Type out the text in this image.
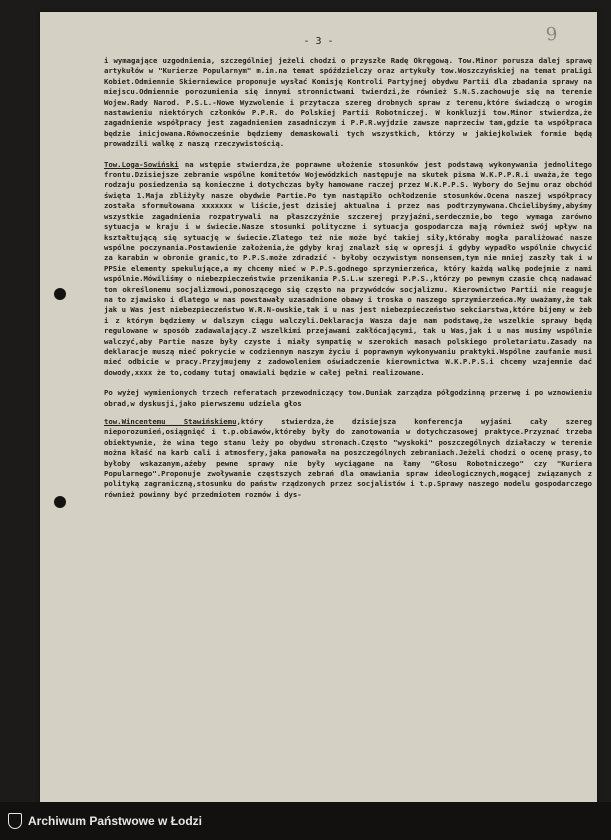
- 3 -	9

i wymagające uzgodnienia, szczególniej jeżeli chodzi o przyszłe Radę Okręgową. Tow.Minor porusza dalej sprawę artykułów w "Kurierze Popularnym" m.in.na temat spóździelczy oraz artykuły tow.Woszczyńskiej na temat praLigi Kobiet.Odmiennie Skierniewice proponuje wysłać Komisję Kontroli Partyjnej obydwu Partii dla zbadania sprawy na miejscu.Odmiennie porozumienia się innymi stronnictwami twierdzi,że również S.N.S.zachowuje się na terenie Wojew.Rady Narod. P.S.L.-Nowe Wyzwolenie i przytacza szereg drobnych spraw z terenu,które świadczą o wrogim nastawieniu niektórych członków P.P.R. do Polskiej Partii Robotniczej. W konkluzji tow.Minor stwierdza,że zagadnienie współpracy jest zagadnieniem zasadniczym i P.P.R.wyjdzie zawsze naprzeciw tam,gdzie ta współpraca będzie inicjowana.Równocześnie będziemy demaskowali tych wszystkich, którzy w jakiejkolwiek formie będą prowadzili walkę z naszą rzeczywistością.

Tow.Loga-Sowiński na wstępie stwierdza,że poprawne ułożenie stosunków jest podstawą wykonywania jednolitego frontu.Dzisiejsze zebranie wspólne komitetów Wojewódzkich następuje na skutek pisma W.K.P.P.R.i uważa,że tego rodzaju posiedzenia są konieczne i dotychczas były hamowane raczej przez W.K.P.P.S. Wybory do Sejmu oraz obchód święta 1.Maja zbliżyły nasze obydwie Partie.Po tym nastąpiło ochłodzenie stosunków.Ocena naszej współpracy została sformułowana xxxxxxx w liście,jest dzisiej aktualna i przez nas podtrzymywana.Chcielibyśmy,abyśmy wszystkie zagadnienia rozpatrywali na płaszczyźnie szczerej przyjaźni,serdecznie,bo tego wymaga zarówno sytuacja w kraju i w świecie.Nasze stosunki polityczne i sytuacja gospodarcza mają również swój wpływ na kształtującą się sytuację w świecie.Zlatego też nie może być takiej siły,któraby mogła paraliżować nasze wspólne poczynania.Postawienie założenia,że gdyby kraj znalazł się w opresji i gdyby wypadło wspólnie chwycić za karabin w obronie granic,to P.P.S.może zdradzić - byłoby oczywistym nonsensem,tym nie mniej zaszły tak i w PPSie elementy spekulujące,a my chcemy mieć w P.P.S.godnego sprzymierzeńca, który każdą walkę podejmie z nami wspólnie.Mówiliśmy o niebezpieczeństwie przenikania P.S.L.w szeregi P.P.S.,którzy po pewnym czasie chcą nadawać ton określonemu socjalizmowi,ponoszącego się często na przywódców socjalizmu. Kierownictwo Partii nie reaguje na to zjawisko i dlatego w nas powstawały uzasadnione obawy i troska o naszego sprzymierzeńca.My uważamy,że tak jak u Was jest niebezpieczeństwo W.R.N-owskie,tak i u nas jest niebezpieczeństwo sekciarstwa,które bijemy w żeb i z którym będziemy w dalszym ciągu walczyli.Deklaracja Wasza daje nam podstawę,że wszelkie sprawy będą regulowane w sposób zadawalający.Z wszelkimi przejawami zakłócającymi, tak u Was,jak i u nas musimy wspólnie walczyć,aby Partie nasze były czyste i miały sympatię w szerokich masach polskiego proletariatu.Zasady na deklaracje muszą mieć pokrycie w codziennym naszym życiu i poprawnym wykonywaniu praktyki.Wspólne zaufanie musi mieć odbicie w pracy.Przyjmujemy z zadowoleniem oświadczenie kierownictwa W.K.P.P.S.i chcemy wzajemnie dać dowody,xxxx że to,codamy tutaj omawiali będzie w całej pełni realizowane.

Po wyżej wymienionych trzech referatach przewodniczący tow.Duniak zarządza półgodzinną przerwę i po wznowieniu obrad,w dyskusji,jako pierwszemu udziela głos

tow.Wincentemu Stawińskiemu,który stwierdza,że dzisiejsza konferencja wyjaśni cały szereg nieporozumień,osiągnięć i t.p.obiawów,któreby były do zanotowania w dotychczasowej praktyce.Przyznać trzeba obiektywnie, że wina tego stanu leży po obydwu stronach.Często "wyskoki" poszczególnych działaczy w terenie można kłaść na karb cali i atmosfery,jaka panowała na poszczególnych zebraniach.Jeżeli chodzi o ocenę prasy,to byłoby wskazanym,aźeby pewne sprawy nie były wyciągane na łamy "Głosu Robotniczego" czy "Kuriera Popularnego".Proponuje zwoływanie częstszych zebrań dla omawiania spraw ideologicznych,mogącej związanych z polityką zagraniczną,stosunku do państw rządzonych przez socjalistów i t.p.Sprawy naszego modelu gospodarczego również powinny być przedmiotem rozmów i dys-

Archiwum Państwowe w Łodzi
